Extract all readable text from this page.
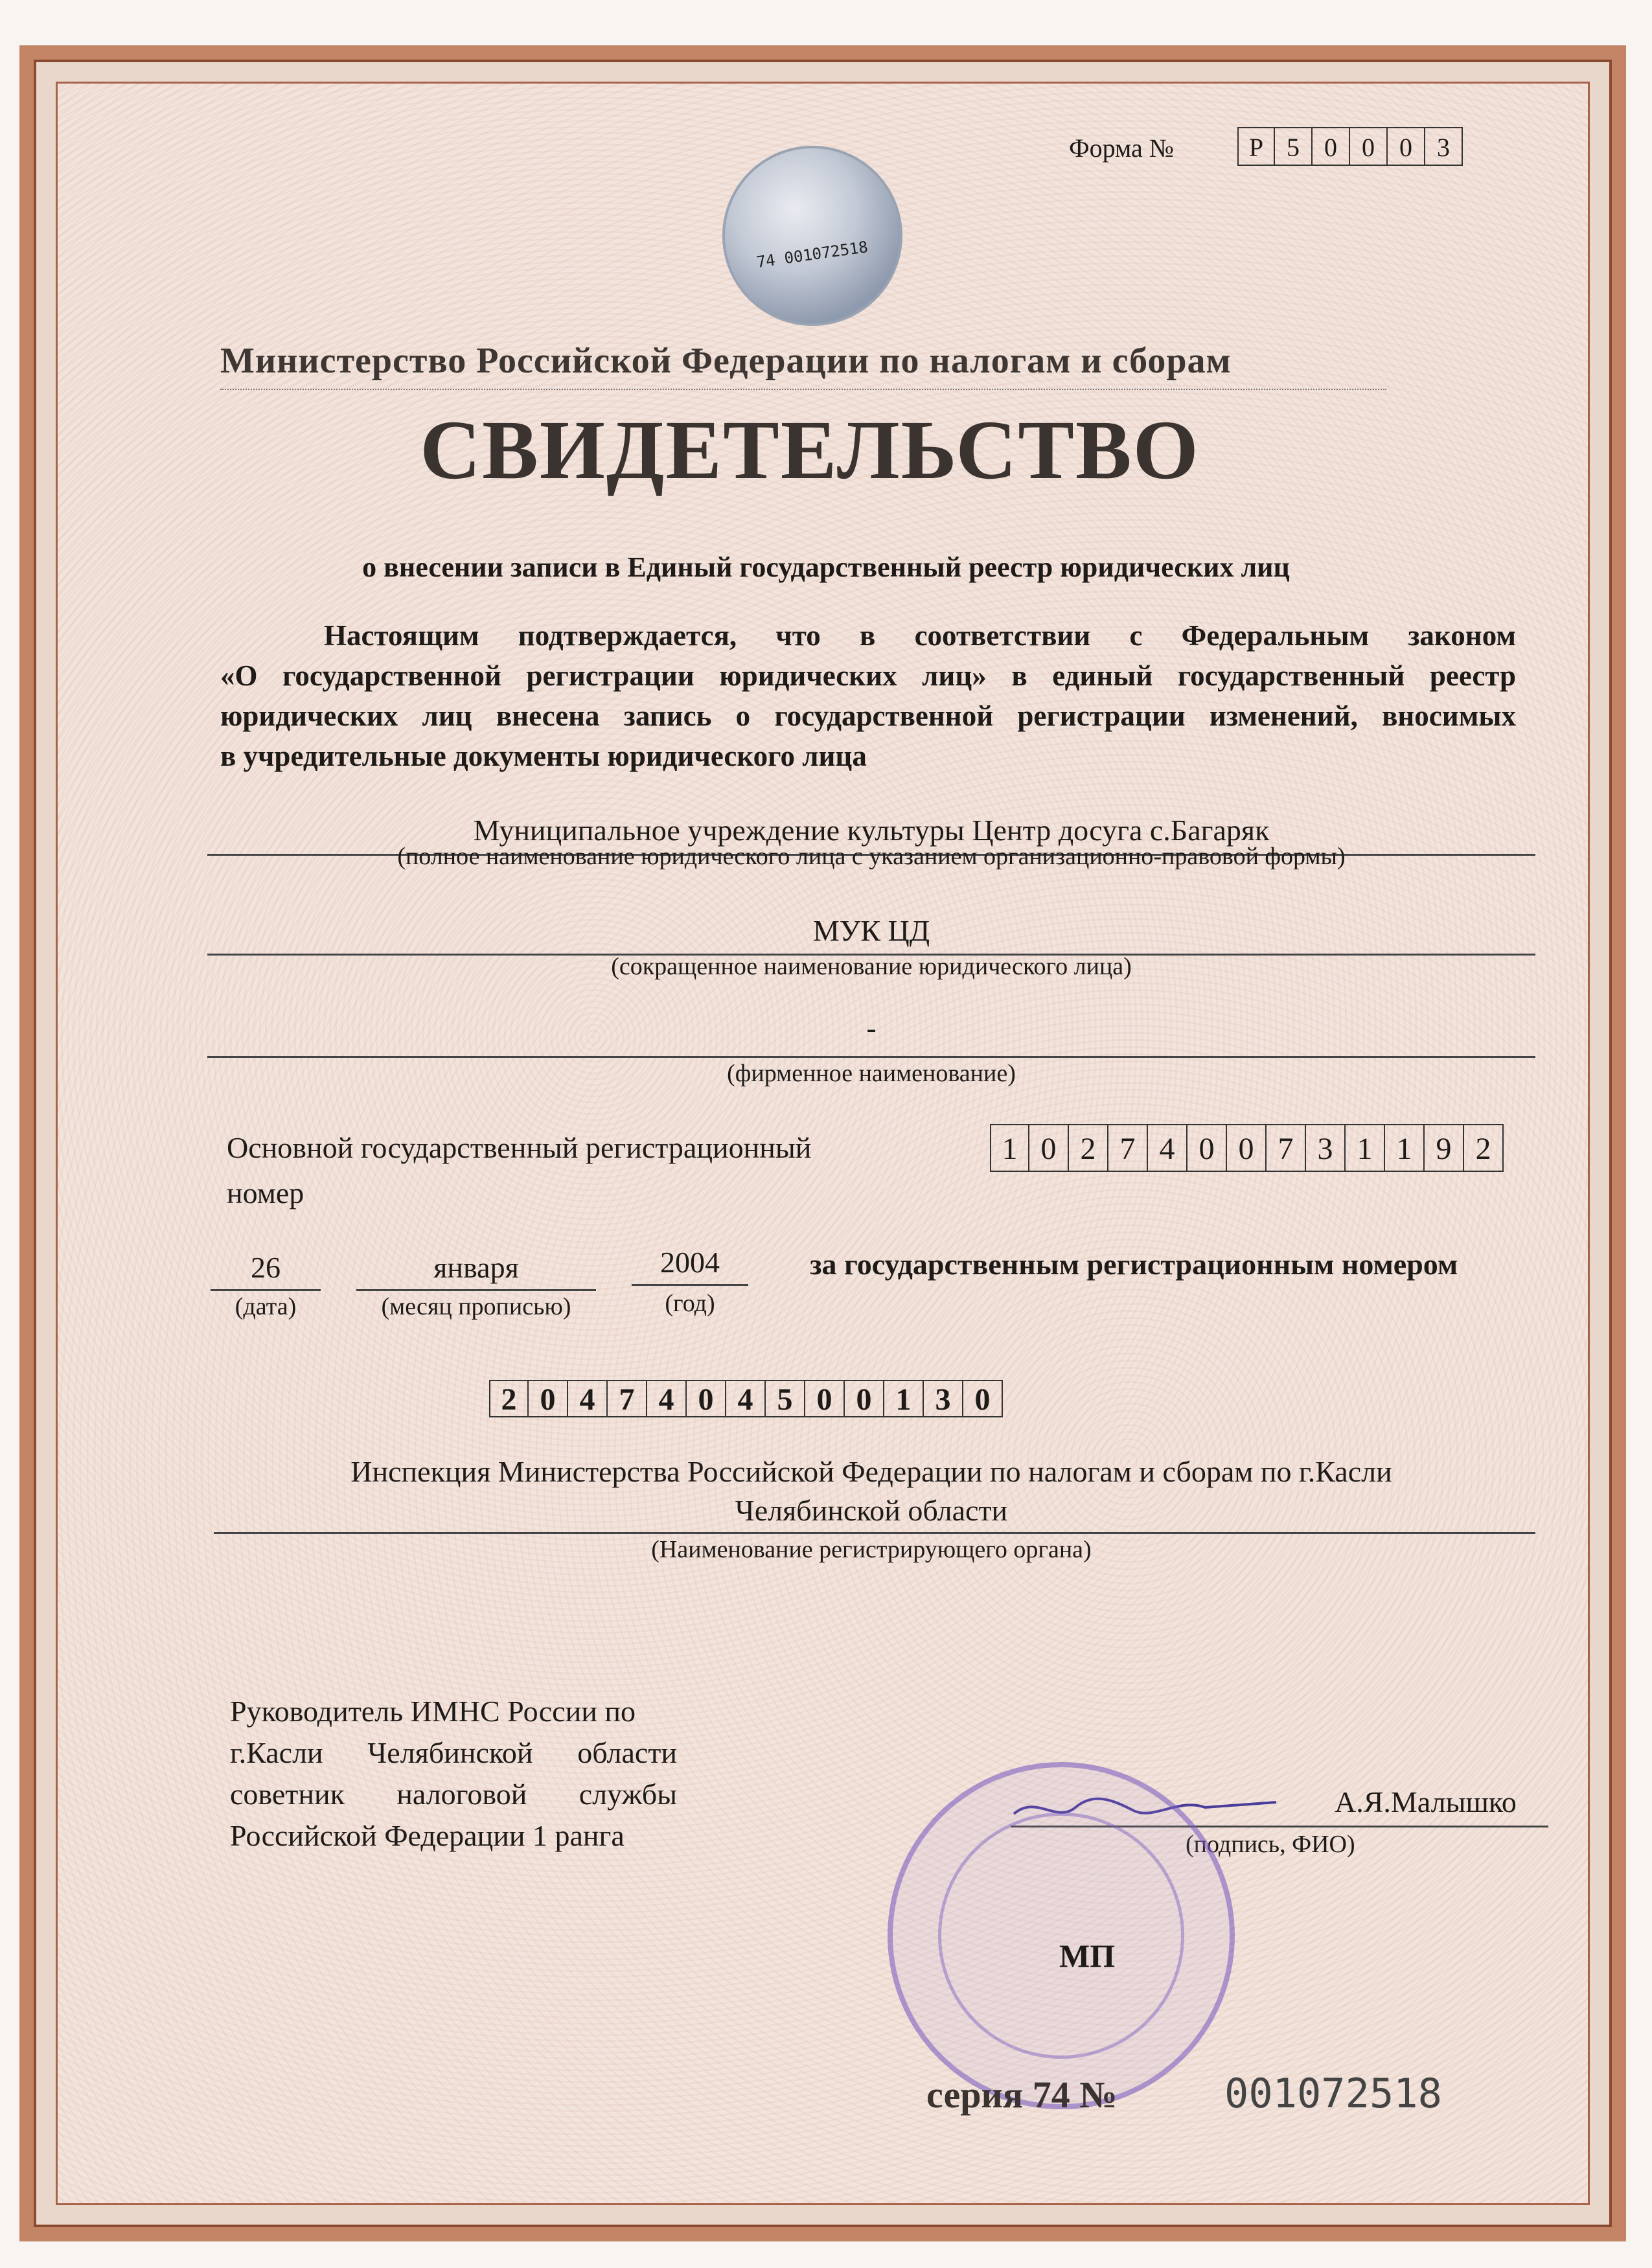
Форма №	Р 5 0 0 0 3
74 001072518
Министерство Российской Федерации по налогам и сборам
СВИДЕТЕЛЬСТВО
о внесении записи в Единый государственный реестр юридических лиц
Настоящим подтверждается, что в соответствии с Федеральным законом
«О государственной регистрации юридических лиц» в единый государственный реестр
юридических лиц внесена запись о государственной регистрации изменений, вносимых
в учредительные документы юридического лица
Муниципальное учреждение культуры Центр досуга с.Багаряк
(полное наименование юридического лица с указанием организационно-правовой формы)
МУК ЦД
(сокращенное наименование юридического лица)
-
(фирменное наименование)
Основной государственный регистрационный
номер
1 0 2 7 4 0 0 7 3 1 1 9 2
26
(дата)
января
(месяц прописью)
2004
(год)
за государственным регистрационным номером
2 0 4 7 4 0 4 5 0 0 1 3 0
Инспекция Министерства Российской Федерации по налогам и сборам по г.Касли
Челябинской области
(Наименование регистрирующего органа)
Руководитель ИМНС России по
г.Касли Челябинской области
советник налоговой службы
Российской Федерации 1 ранга
А.Я.Малышко
(подпись, ФИО)
МП
серия 74 №	001072518
